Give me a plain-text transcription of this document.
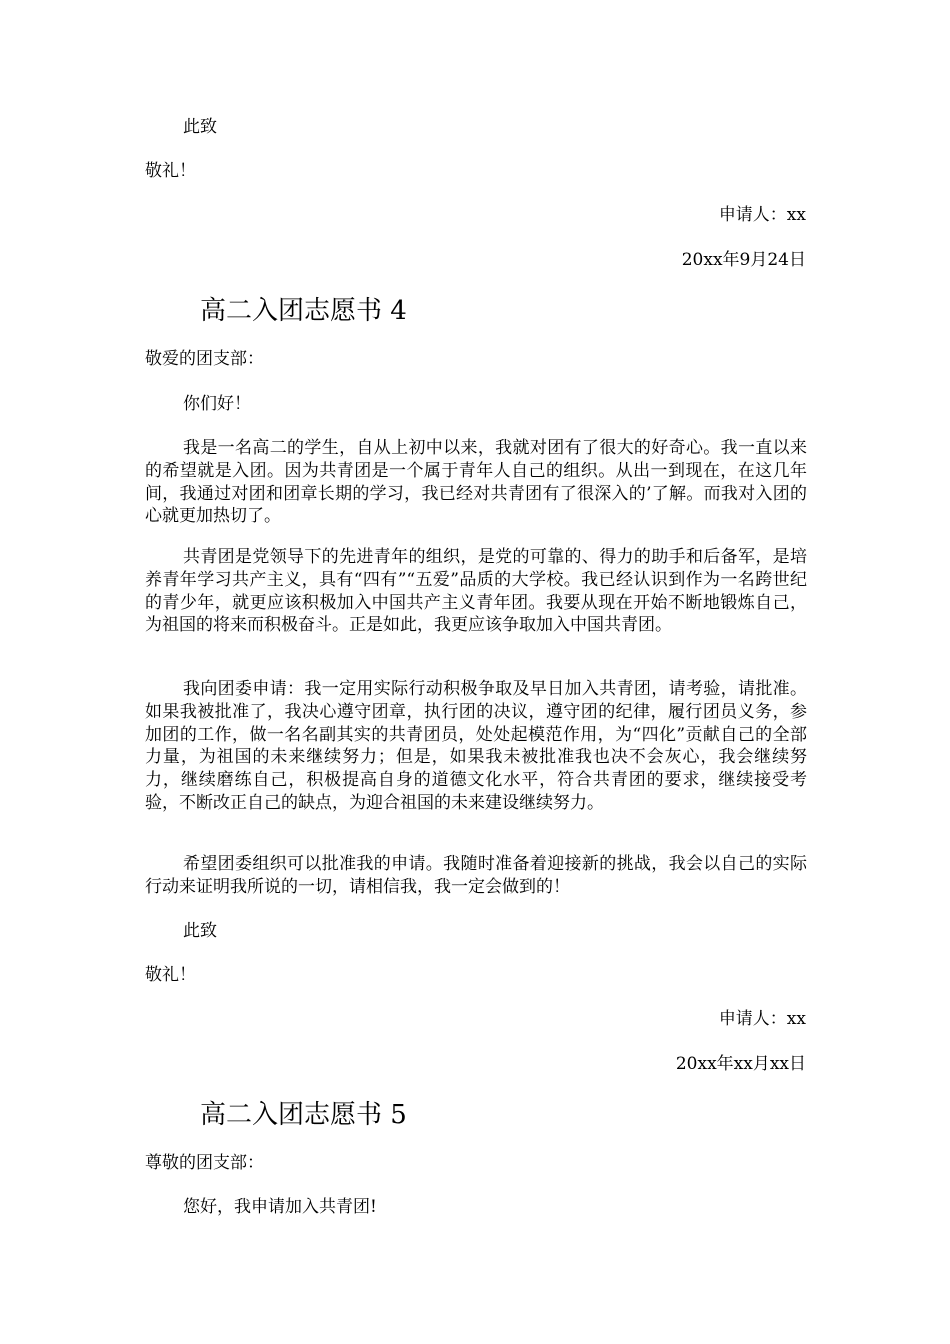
此致
敬礼！
申请人：xx
20xx年9月24日
高二入团志愿书 4
敬爱的团支部：
你们好！
我是一名高二的学生，自从上初中以来，我就对团有了很大的好奇心。我一直以来的希望就是入团。因为共青团是一个属于青年人自己的组织。从出一到现在，在这几年间，我通过对团和团章长期的学习，我已经对共青团有了很深入的’了解。而我对入团的心就更加热切了。
共青团是党领导下的先进青年的组织，是党的可靠的、得力的助手和后备军，是培养青年学习共产主义，具有“四有”“五爱”品质的大学校。我已经认识到作为一名跨世纪的青少年，就更应该积极加入中国共产主义青年团。我要从现在开始不断地锻炼自己，为祖国的将来而积极奋斗。正是如此，我更应该争取加入中国共青团。
我向团委申请：我一定用实际行动积极争取及早日加入共青团，请考验，请批准。如果我被批准了，我决心遵守团章，执行团的决议，遵守团的纪律，履行团员义务，参加团的工作，做一名名副其实的共青团员，处处起模范作用，为“四化”贡献自己的全部力量，为祖国的未来继续努力；但是，如果我未被批准我也决不会灰心，我会继续努力，继续磨练自己，积极提高自身的道德文化水平，符合共青团的要求，继续接受考验，不断改正自己的缺点，为迎合祖国的未来建设继续努力。
希望团委组织可以批准我的申请。我随时准备着迎接新的挑战，我会以自己的实际行动来证明我所说的一切，请相信我，我一定会做到的！
此致
敬礼！
申请人：xx
20xx年xx月xx日
高二入团志愿书 5
尊敬的团支部：
您好，我申请加入共青团!
